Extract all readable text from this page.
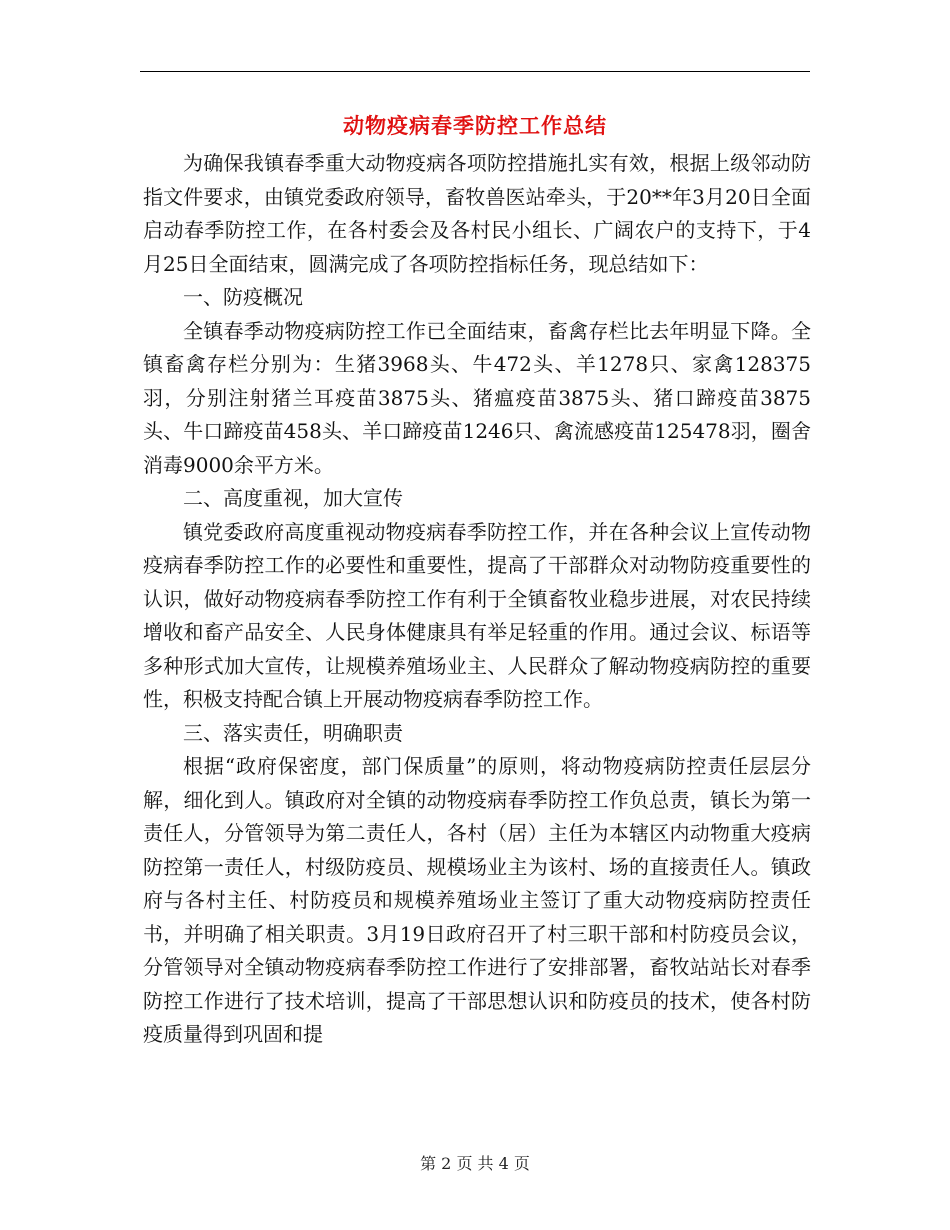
动物疫病春季防控工作总结

为确保我镇春季重大动物疫病各项防控措施扎实有效，根据上级邻动防指文件要求，由镇党委政府领导，畜牧兽医站牵头，于20**年3月20日全面启动春季防控工作，在各村委会及各村民小组长、广阔农户的支持下，于4月25日全面结束，圆满完成了各项防控指标任务，现总结如下：

一、防疫概况

全镇春季动物疫病防控工作已全面结束，畜禽存栏比去年明显下降。全镇畜禽存栏分别为：生猪3968头、牛472头、羊1278只、家禽128375羽，分别注射猪兰耳疫苗3875头、猪瘟疫苗3875头、猪口蹄疫苗3875头、牛口蹄疫苗458头、羊口蹄疫苗1246只、禽流感疫苗125478羽，圈舍消毒9000余平方米。

二、高度重视，加大宣传

镇党委政府高度重视动物疫病春季防控工作，并在各种会议上宣传动物疫病春季防控工作的必要性和重要性，提高了干部群众对动物防疫重要性的认识，做好动物疫病春季防控工作有利于全镇畜牧业稳步进展，对农民持续增收和畜产品安全、人民身体健康具有举足轻重的作用。通过会议、标语等多种形式加大宣传，让规模养殖场业主、人民群众了解动物疫病防控的重要性，积极支持配合镇上开展动物疫病春季防控工作。

三、落实责任，明确职责

根据“政府保密度，部门保质量”的原则，将动物疫病防控责任层层分解，细化到人。镇政府对全镇的动物疫病春季防控工作负总责，镇长为第一责任人，分管领导为第二责任人，各村（居）主任为本辖区内动物重大疫病防控第一责任人，村级防疫员、规模场业主为该村、场的直接责任人。镇政府与各村主任、村防疫员和规模养殖场业主签订了重大动物疫病防控责任书，并明确了相关职责。3月19日政府召开了村三职干部和村防疫员会议，分管领导对全镇动物疫病春季防控工作进行了安排部署，畜牧站站长对春季防控工作进行了技术培训，提高了干部思想认识和防疫员的技术，使各村防疫质量得到巩固和提

第 2 页 共 4 页
